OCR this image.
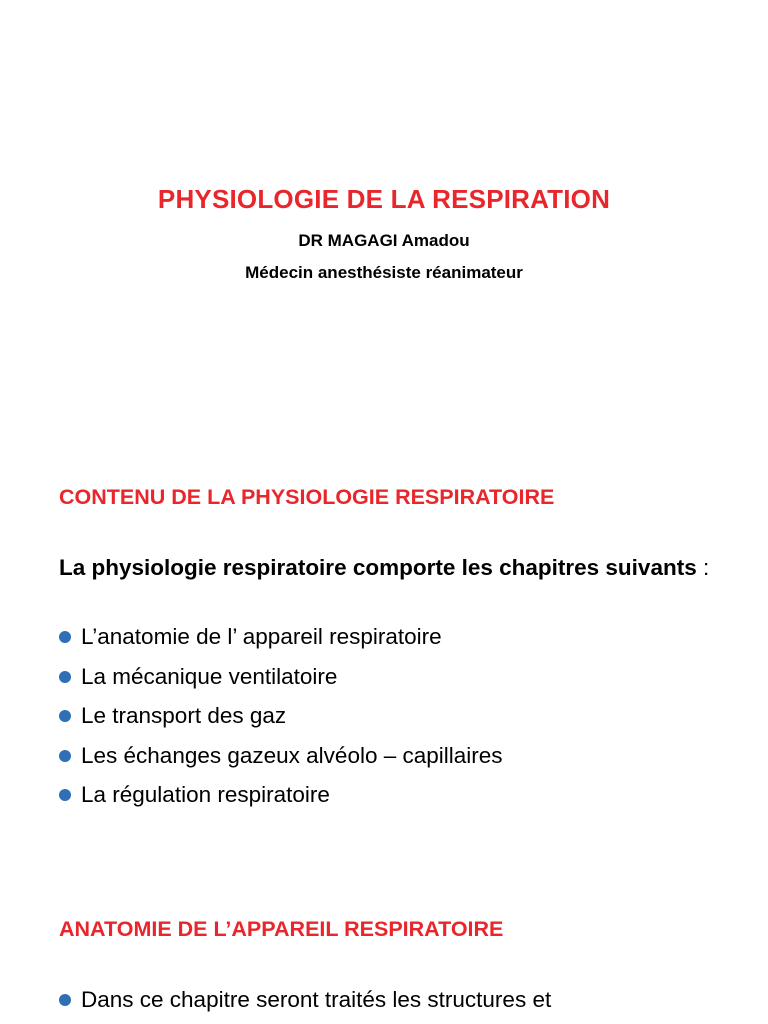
PHYSIOLOGIE DE LA RESPIRATION
DR MAGAGI Amadou
Médecin anesthésiste réanimateur
CONTENU DE LA PHYSIOLOGIE RESPIRATOIRE
La physiologie respiratoire comporte les chapitres suivants :
L’anatomie de l’ appareil respiratoire
La mécanique ventilatoire
Le transport des gaz
Les échanges gazeux alvéolo – capillaires
La régulation respiratoire
ANATOMIE DE L’APPAREIL RESPIRATOIRE
Dans ce chapitre seront traités les structures et
